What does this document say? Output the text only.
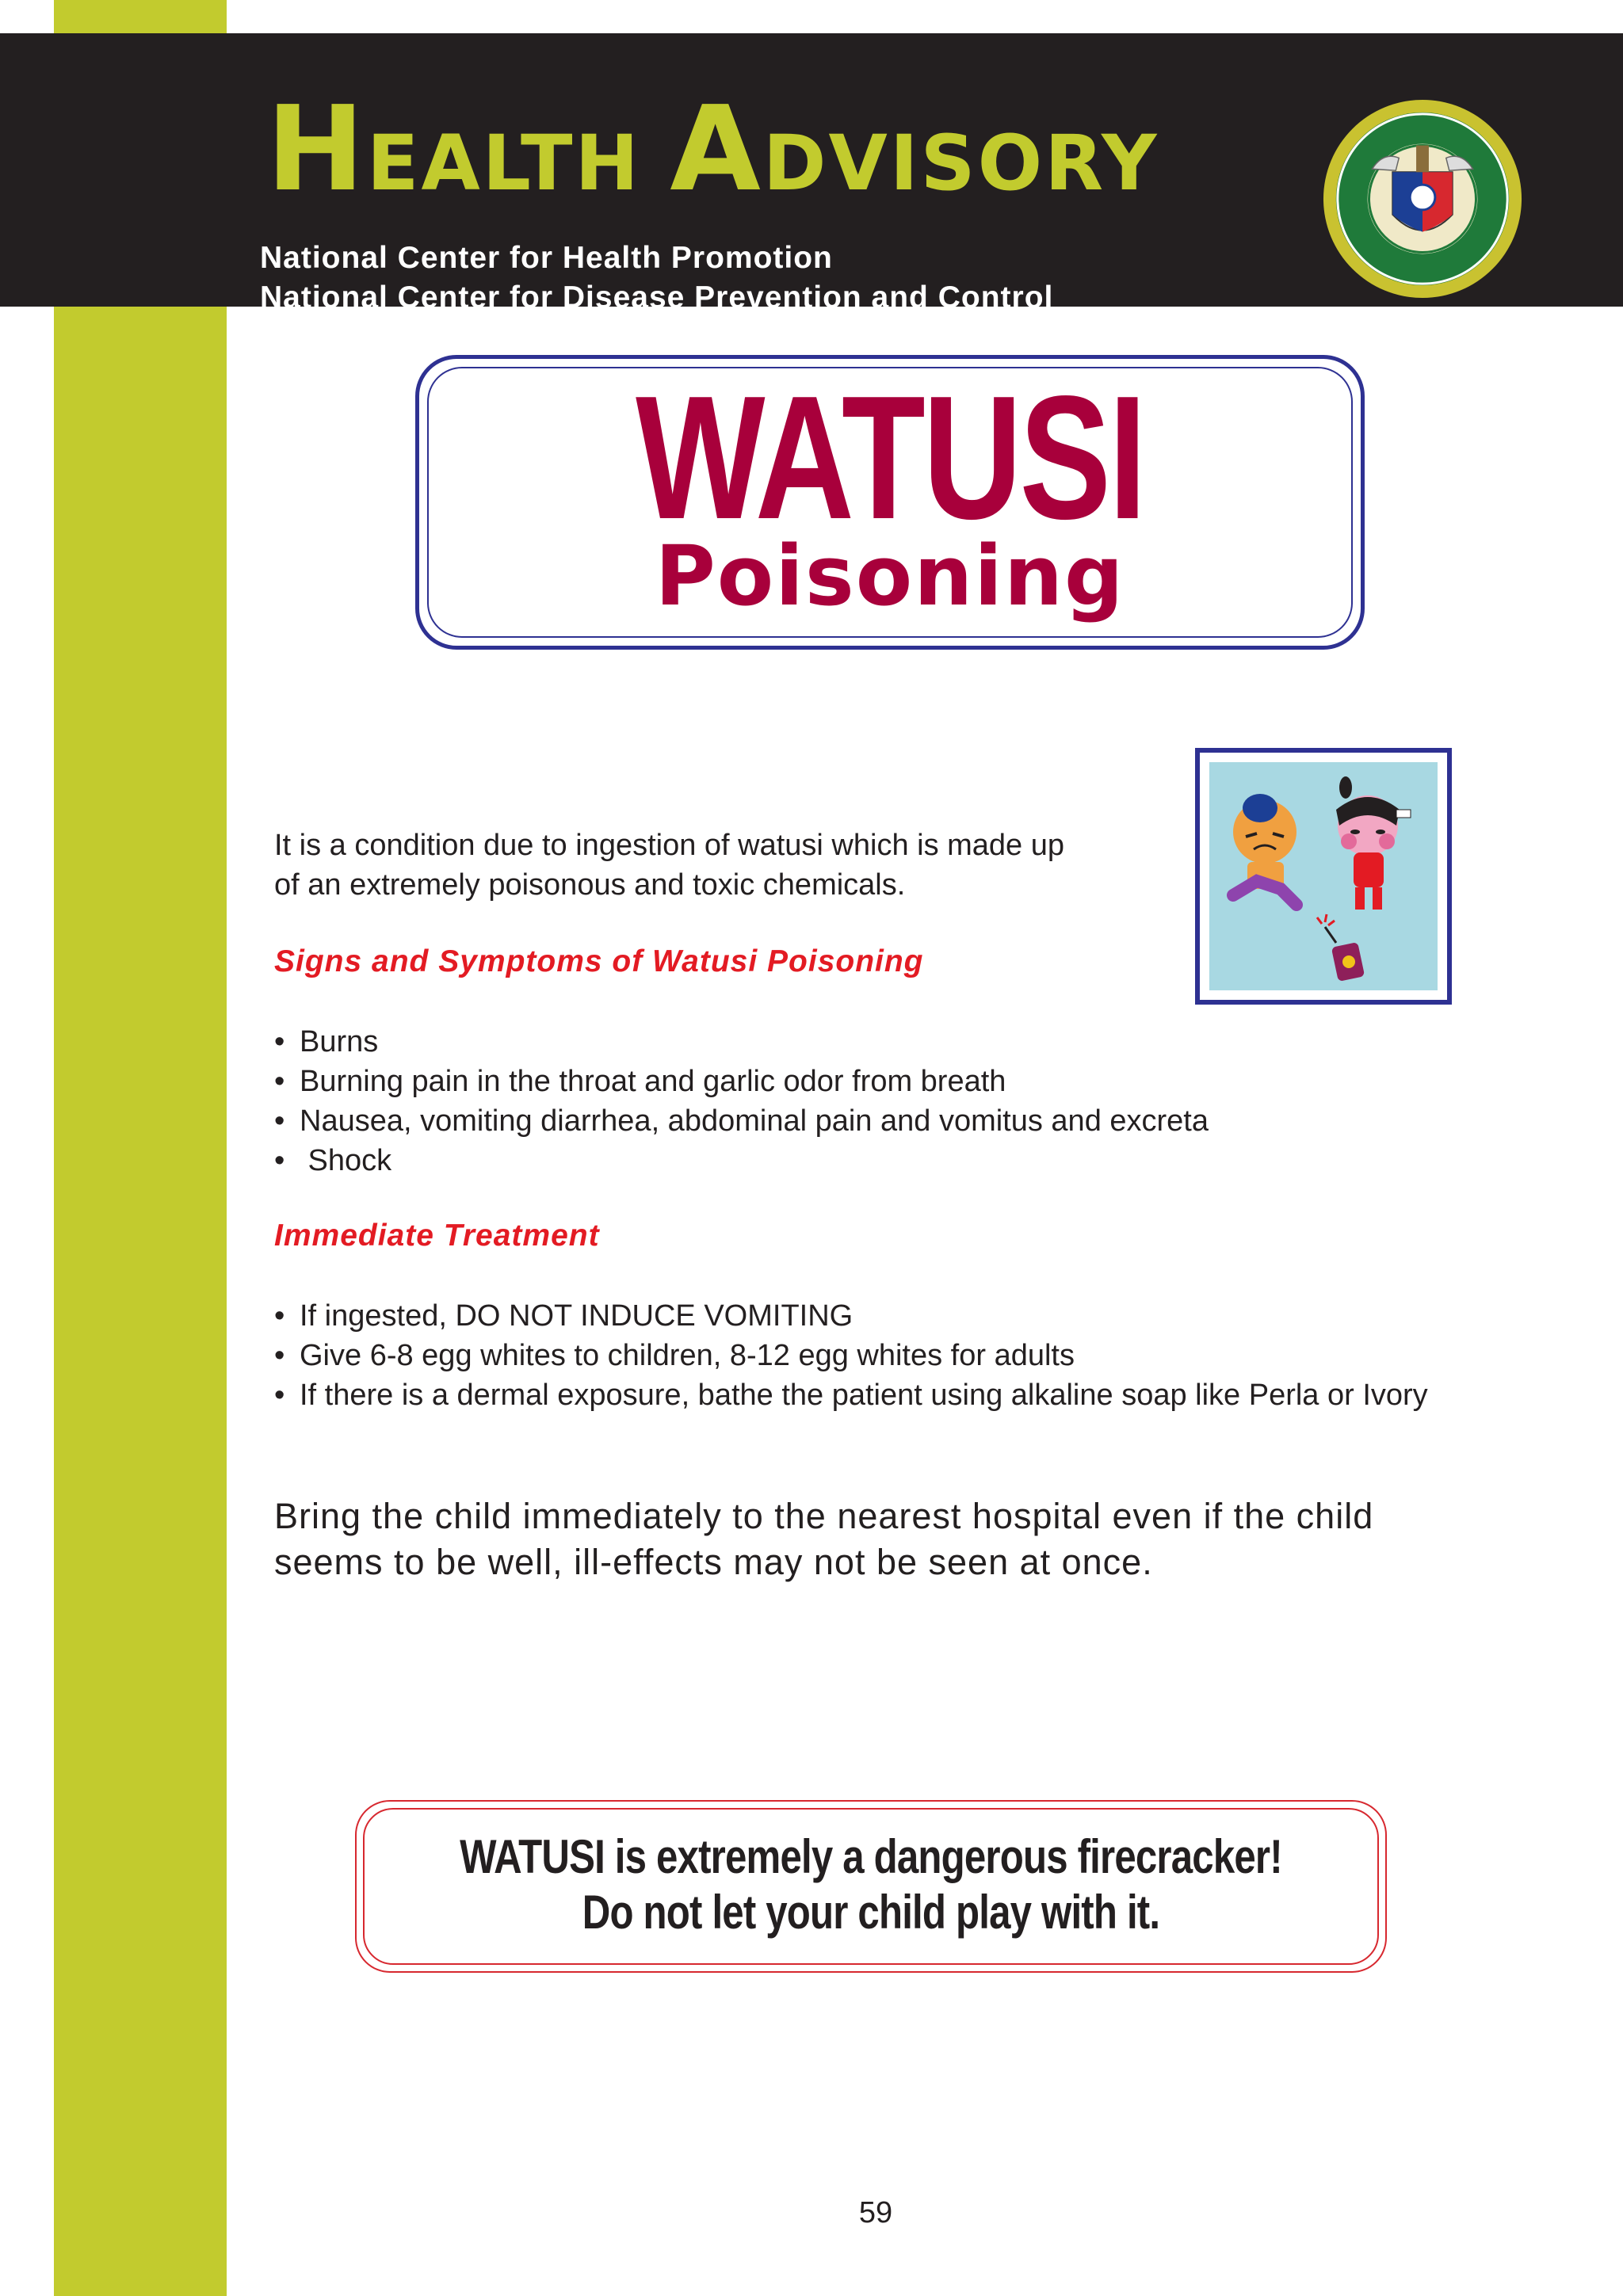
HEALTH ADVISORY
National Center for Health Promotion
National Center for Disease Prevention and Control
WATUSI
Poisoning
It is a condition due to ingestion of watusi which is made up
of an extremely poisonous and toxic chemicals.
Signs and Symptoms of Watusi Poisoning
• Burns
• Burning pain in the throat and garlic odor from breath
• Nausea, vomiting diarrhea, abdominal pain and vomitus and excreta
• Shock
Immediate Treatment
• If ingested, DO NOT INDUCE VOMITING
• Give 6-8 egg whites to children, 8-12 egg whites for adults
• If there is a dermal exposure, bathe the patient using alkaline soap like Perla or Ivory
Bring the child immediately to the nearest hospital even if the child
seems to be well, ill-effects may not be seen at once.
WATUSI is extremely a dangerous firecracker!
Do not let your child play with it.
59
